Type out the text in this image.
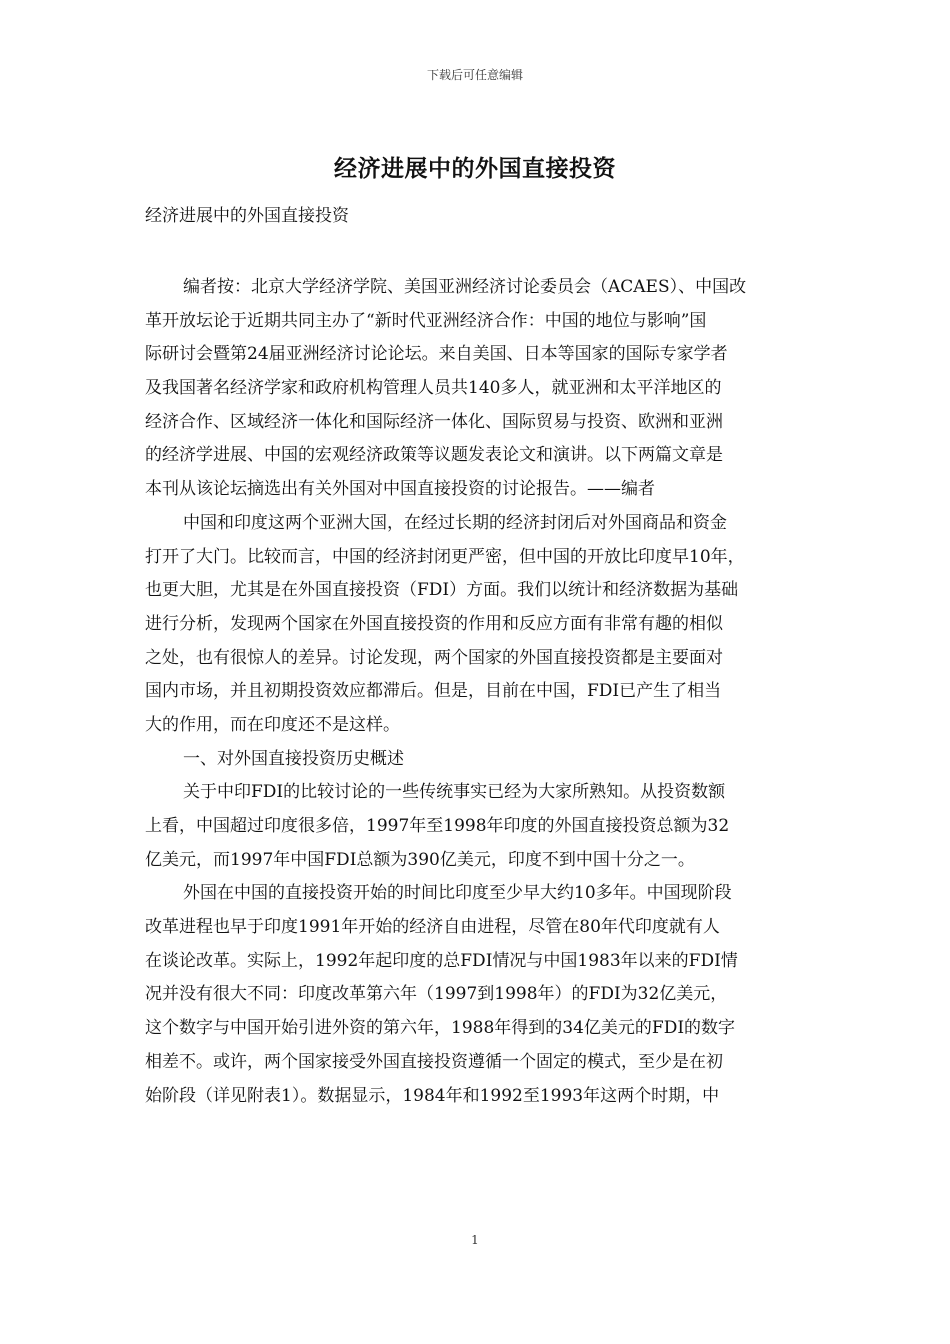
下载后可任意编辑
经济进展中的外国直接投资
经济进展中的外国直接投资
编者按：北京大学经济学院、美国亚洲经济讨论委员会（ACAES）、中国改
革开放坛论于近期共同主办了“新时代亚洲经济合作：中国的地位与影响”国
际研讨会暨第24届亚洲经济讨论论坛。来自美国、日本等国家的国际专家学者
及我国著名经济学家和政府机构管理人员共140多人，就亚洲和太平洋地区的
经济合作、区域经济一体化和国际经济一体化、国际贸易与投资、欧洲和亚洲
的经济学进展、中国的宏观经济政策等议题发表论文和演讲。以下两篇文章是
本刊从该论坛摘选出有关外国对中国直接投资的讨论报告。——编者
中国和印度这两个亚洲大国，在经过长期的经济封闭后对外国商品和资金
打开了大门。比较而言，中国的经济封闭更严密，但中国的开放比印度早10年，
也更大胆，尤其是在外国直接投资（FDI）方面。我们以统计和经济数据为基础
进行分析，发现两个国家在外国直接投资的作用和反应方面有非常有趣的相似
之处，也有很惊人的差异。讨论发现，两个国家的外国直接投资都是主要面对
国内市场，并且初期投资效应都滞后。但是，目前在中国，FDI已产生了相当
大的作用，而在印度还不是这样。
一、对外国直接投资历史概述
关于中印FDI的比较讨论的一些传统事实已经为大家所熟知。从投资数额
上看，中国超过印度很多倍，1997年至1998年印度的外国直接投资总额为32
亿美元，而1997年中国FDI总额为390亿美元，印度不到中国十分之一。
外国在中国的直接投资开始的时间比印度至少早大约10多年。中国现阶段
改革进程也早于印度1991年开始的经济自由进程，尽管在80年代印度就有人
在谈论改革。实际上，1992年起印度的总FDI情况与中国1983年以来的FDI情
况并没有很大不同：印度改革第六年（1997到1998年）的FDI为32亿美元，
这个数字与中国开始引进外资的第六年，1988年得到的34亿美元的FDI的数字
相差不。或许，两个国家接受外国直接投资遵循一个固定的模式，至少是在初
始阶段（详见附表1）。数据显示，1984年和1992至1993年这两个时期，中
1
